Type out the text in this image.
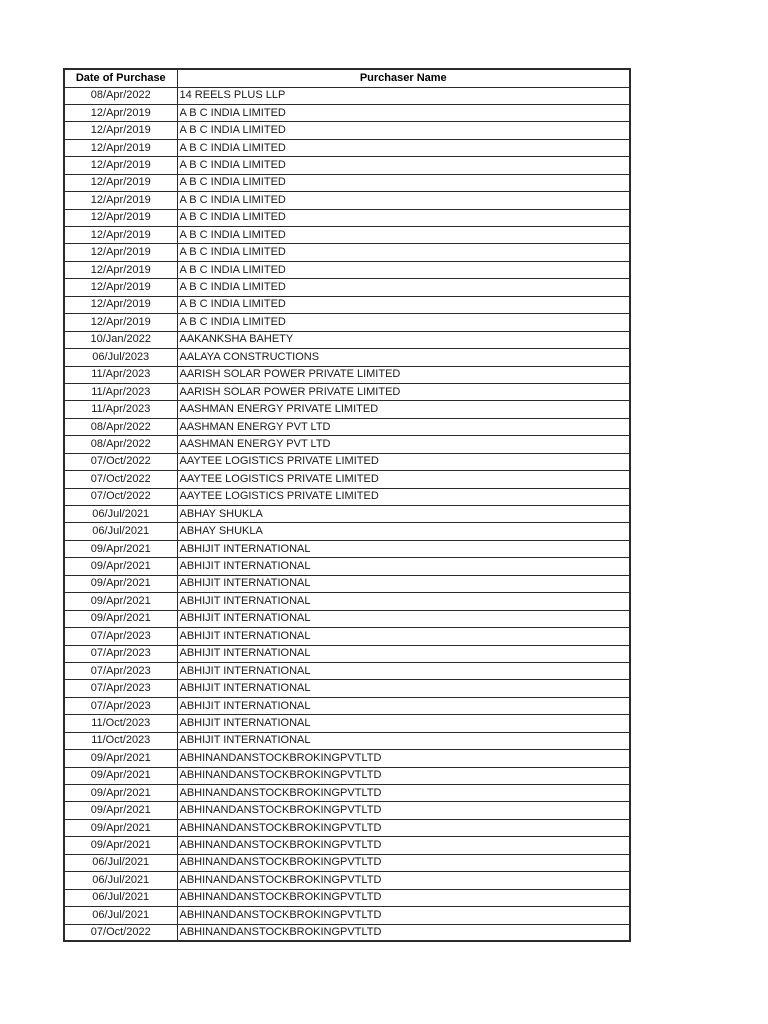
Date of Purchase	Purchaser Name
08/Apr/2022	14 REELS PLUS LLP
12/Apr/2019	A B C INDIA LIMITED
12/Apr/2019	A B C INDIA LIMITED
12/Apr/2019	A B C INDIA LIMITED
12/Apr/2019	A B C INDIA LIMITED
12/Apr/2019	A B C INDIA LIMITED
12/Apr/2019	A B C INDIA LIMITED
12/Apr/2019	A B C INDIA LIMITED
12/Apr/2019	A B C INDIA LIMITED
12/Apr/2019	A B C INDIA LIMITED
12/Apr/2019	A B C INDIA LIMITED
12/Apr/2019	A B C INDIA LIMITED
12/Apr/2019	A B C INDIA LIMITED
12/Apr/2019	A B C INDIA LIMITED
10/Jan/2022	AAKANKSHA BAHETY
06/Jul/2023	AALAYA CONSTRUCTIONS
11/Apr/2023	AARISH SOLAR POWER PRIVATE LIMITED
11/Apr/2023	AARISH SOLAR POWER PRIVATE LIMITED
11/Apr/2023	AASHMAN ENERGY PRIVATE LIMITED
08/Apr/2022	AASHMAN ENERGY PVT LTD
08/Apr/2022	AASHMAN ENERGY PVT LTD
07/Oct/2022	AAYTEE LOGISTICS PRIVATE LIMITED
07/Oct/2022	AAYTEE LOGISTICS PRIVATE LIMITED
07/Oct/2022	AAYTEE LOGISTICS PRIVATE LIMITED
06/Jul/2021	ABHAY SHUKLA
06/Jul/2021	ABHAY SHUKLA
09/Apr/2021	ABHIJIT INTERNATIONAL
09/Apr/2021	ABHIJIT INTERNATIONAL
09/Apr/2021	ABHIJIT INTERNATIONAL
09/Apr/2021	ABHIJIT INTERNATIONAL
09/Apr/2021	ABHIJIT INTERNATIONAL
07/Apr/2023	ABHIJIT INTERNATIONAL
07/Apr/2023	ABHIJIT INTERNATIONAL
07/Apr/2023	ABHIJIT INTERNATIONAL
07/Apr/2023	ABHIJIT INTERNATIONAL
07/Apr/2023	ABHIJIT INTERNATIONAL
11/Oct/2023	ABHIJIT INTERNATIONAL
11/Oct/2023	ABHIJIT INTERNATIONAL
09/Apr/2021	ABHINANDANSTOCKBROKINGPVTLTD
09/Apr/2021	ABHINANDANSTOCKBROKINGPVTLTD
09/Apr/2021	ABHINANDANSTOCKBROKINGPVTLTD
09/Apr/2021	ABHINANDANSTOCKBROKINGPVTLTD
09/Apr/2021	ABHINANDANSTOCKBROKINGPVTLTD
09/Apr/2021	ABHINANDANSTOCKBROKINGPVTLTD
06/Jul/2021	ABHINANDANSTOCKBROKINGPVTLTD
06/Jul/2021	ABHINANDANSTOCKBROKINGPVTLTD
06/Jul/2021	ABHINANDANSTOCKBROKINGPVTLTD
06/Jul/2021	ABHINANDANSTOCKBROKINGPVTLTD
07/Oct/2022	ABHINANDANSTOCKBROKINGPVTLTD
